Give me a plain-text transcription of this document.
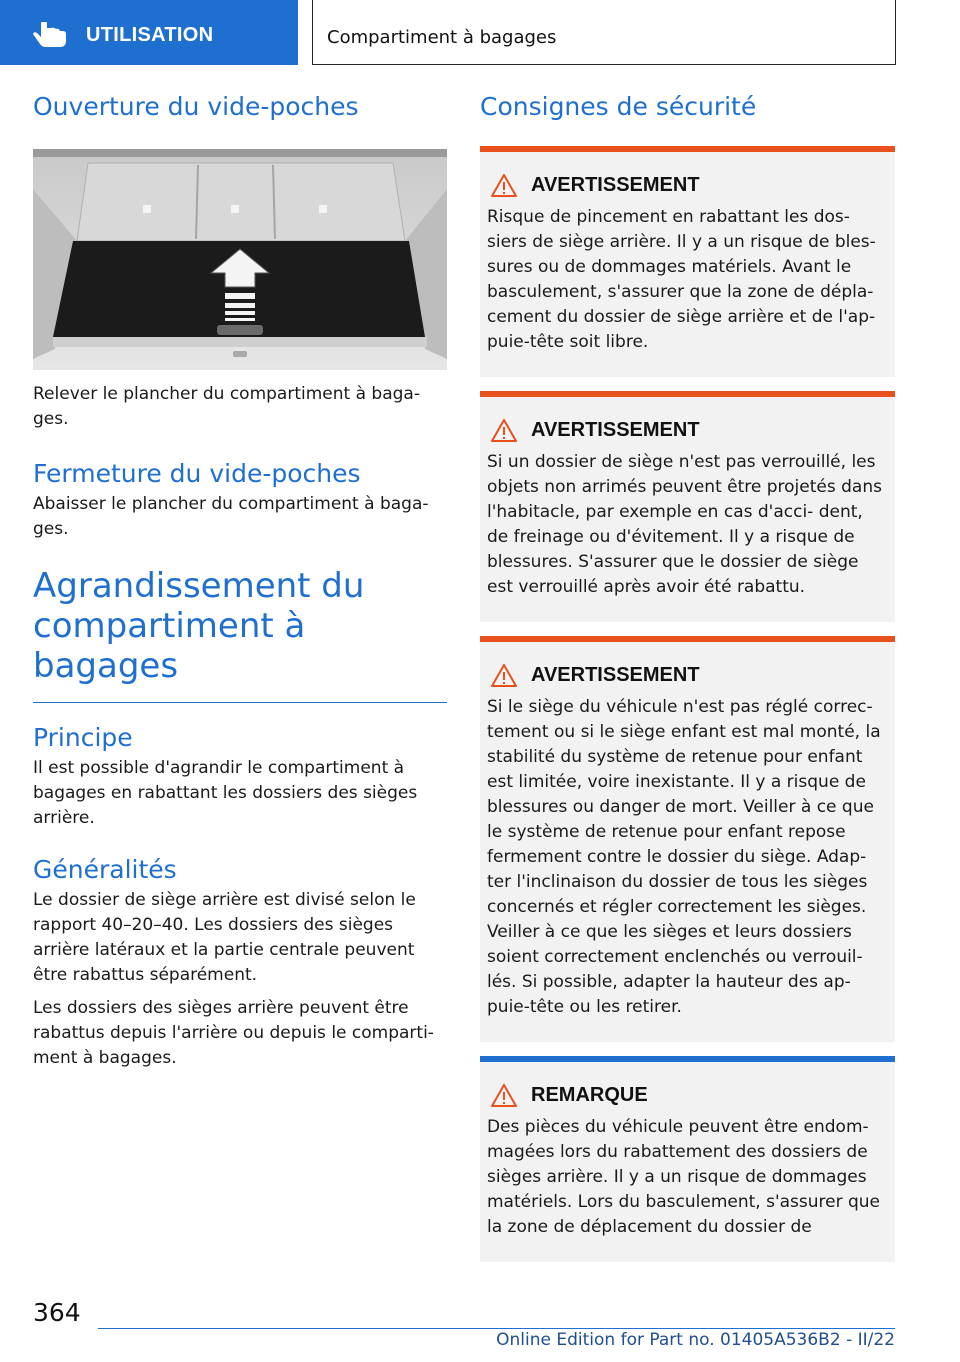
UTILISATION	Compartiment à bagages
Ouverture du vide-poches

Relever le plancher du compartiment à baga‐ ges.

Fermeture du vide-poches

Abaisser le plancher du compartiment à baga‐ ges.

Agrandissement du
compartiment à bagages
Principe

Il est possible d'agrandir le compartiment à bagages en rabattant les dossiers des sièges arrière.

Généralités

Le dossier de siège arrière est divisé selon le rapport 40–20–40. Les dossiers des sièges arrière latéraux et la partie centrale peuvent être rabattus séparément.

Les dossiers des sièges arrière peuvent être rabattus depuis l'arrière ou depuis le comparti‐ ment à bagages.

Consignes de sécurité
AVERTISSEMENT

Risque de pincement en rabattant les dos‐ siers de siège arrière. Il y a un risque de bles‐ sures ou de dommages matériels. Avant le basculement, s'assurer que la zone de dépla‐ cement du dossier de siège arrière et de l'ap‐ puie-tête soit libre.

AVERTISSEMENT

Si un dossier de siège n'est pas verrouillé, les objets non arrimés peuvent être projetés dans l'habitacle, par exemple en cas d'acci‐ dent, de freinage ou d'évitement. Il y a risque de blessures. S'assurer que le dossier de siège est verrouillé après avoir été rabattu.

AVERTISSEMENT

Si le siège du véhicule n'est pas réglé correc‐ tement ou si le siège enfant est mal monté, la stabilité du système de retenue pour enfant est limitée, voire inexistante. Il y a risque de blessures ou danger de mort. Veiller à ce que le système de retenue pour enfant repose fermement contre le dossier du siège. Adap‐ ter l'inclinaison du dossier de tous les sièges concernés et régler correctement les sièges. Veiller à ce que les sièges et leurs dossiers soient correctement enclenchés ou verrouil‐ lés. Si possible, adapter la hauteur des ap‐ puie-tête ou les retirer.

REMARQUE

Des pièces du véhicule peuvent être endom‐ magées lors du rabattement des dossiers de sièges arrière. Il y a un risque de dommages matériels. Lors du basculement, s'assurer que la zone de déplacement du dossier de

364
Online Edition for Part no. 01405A536B2 - II/22
